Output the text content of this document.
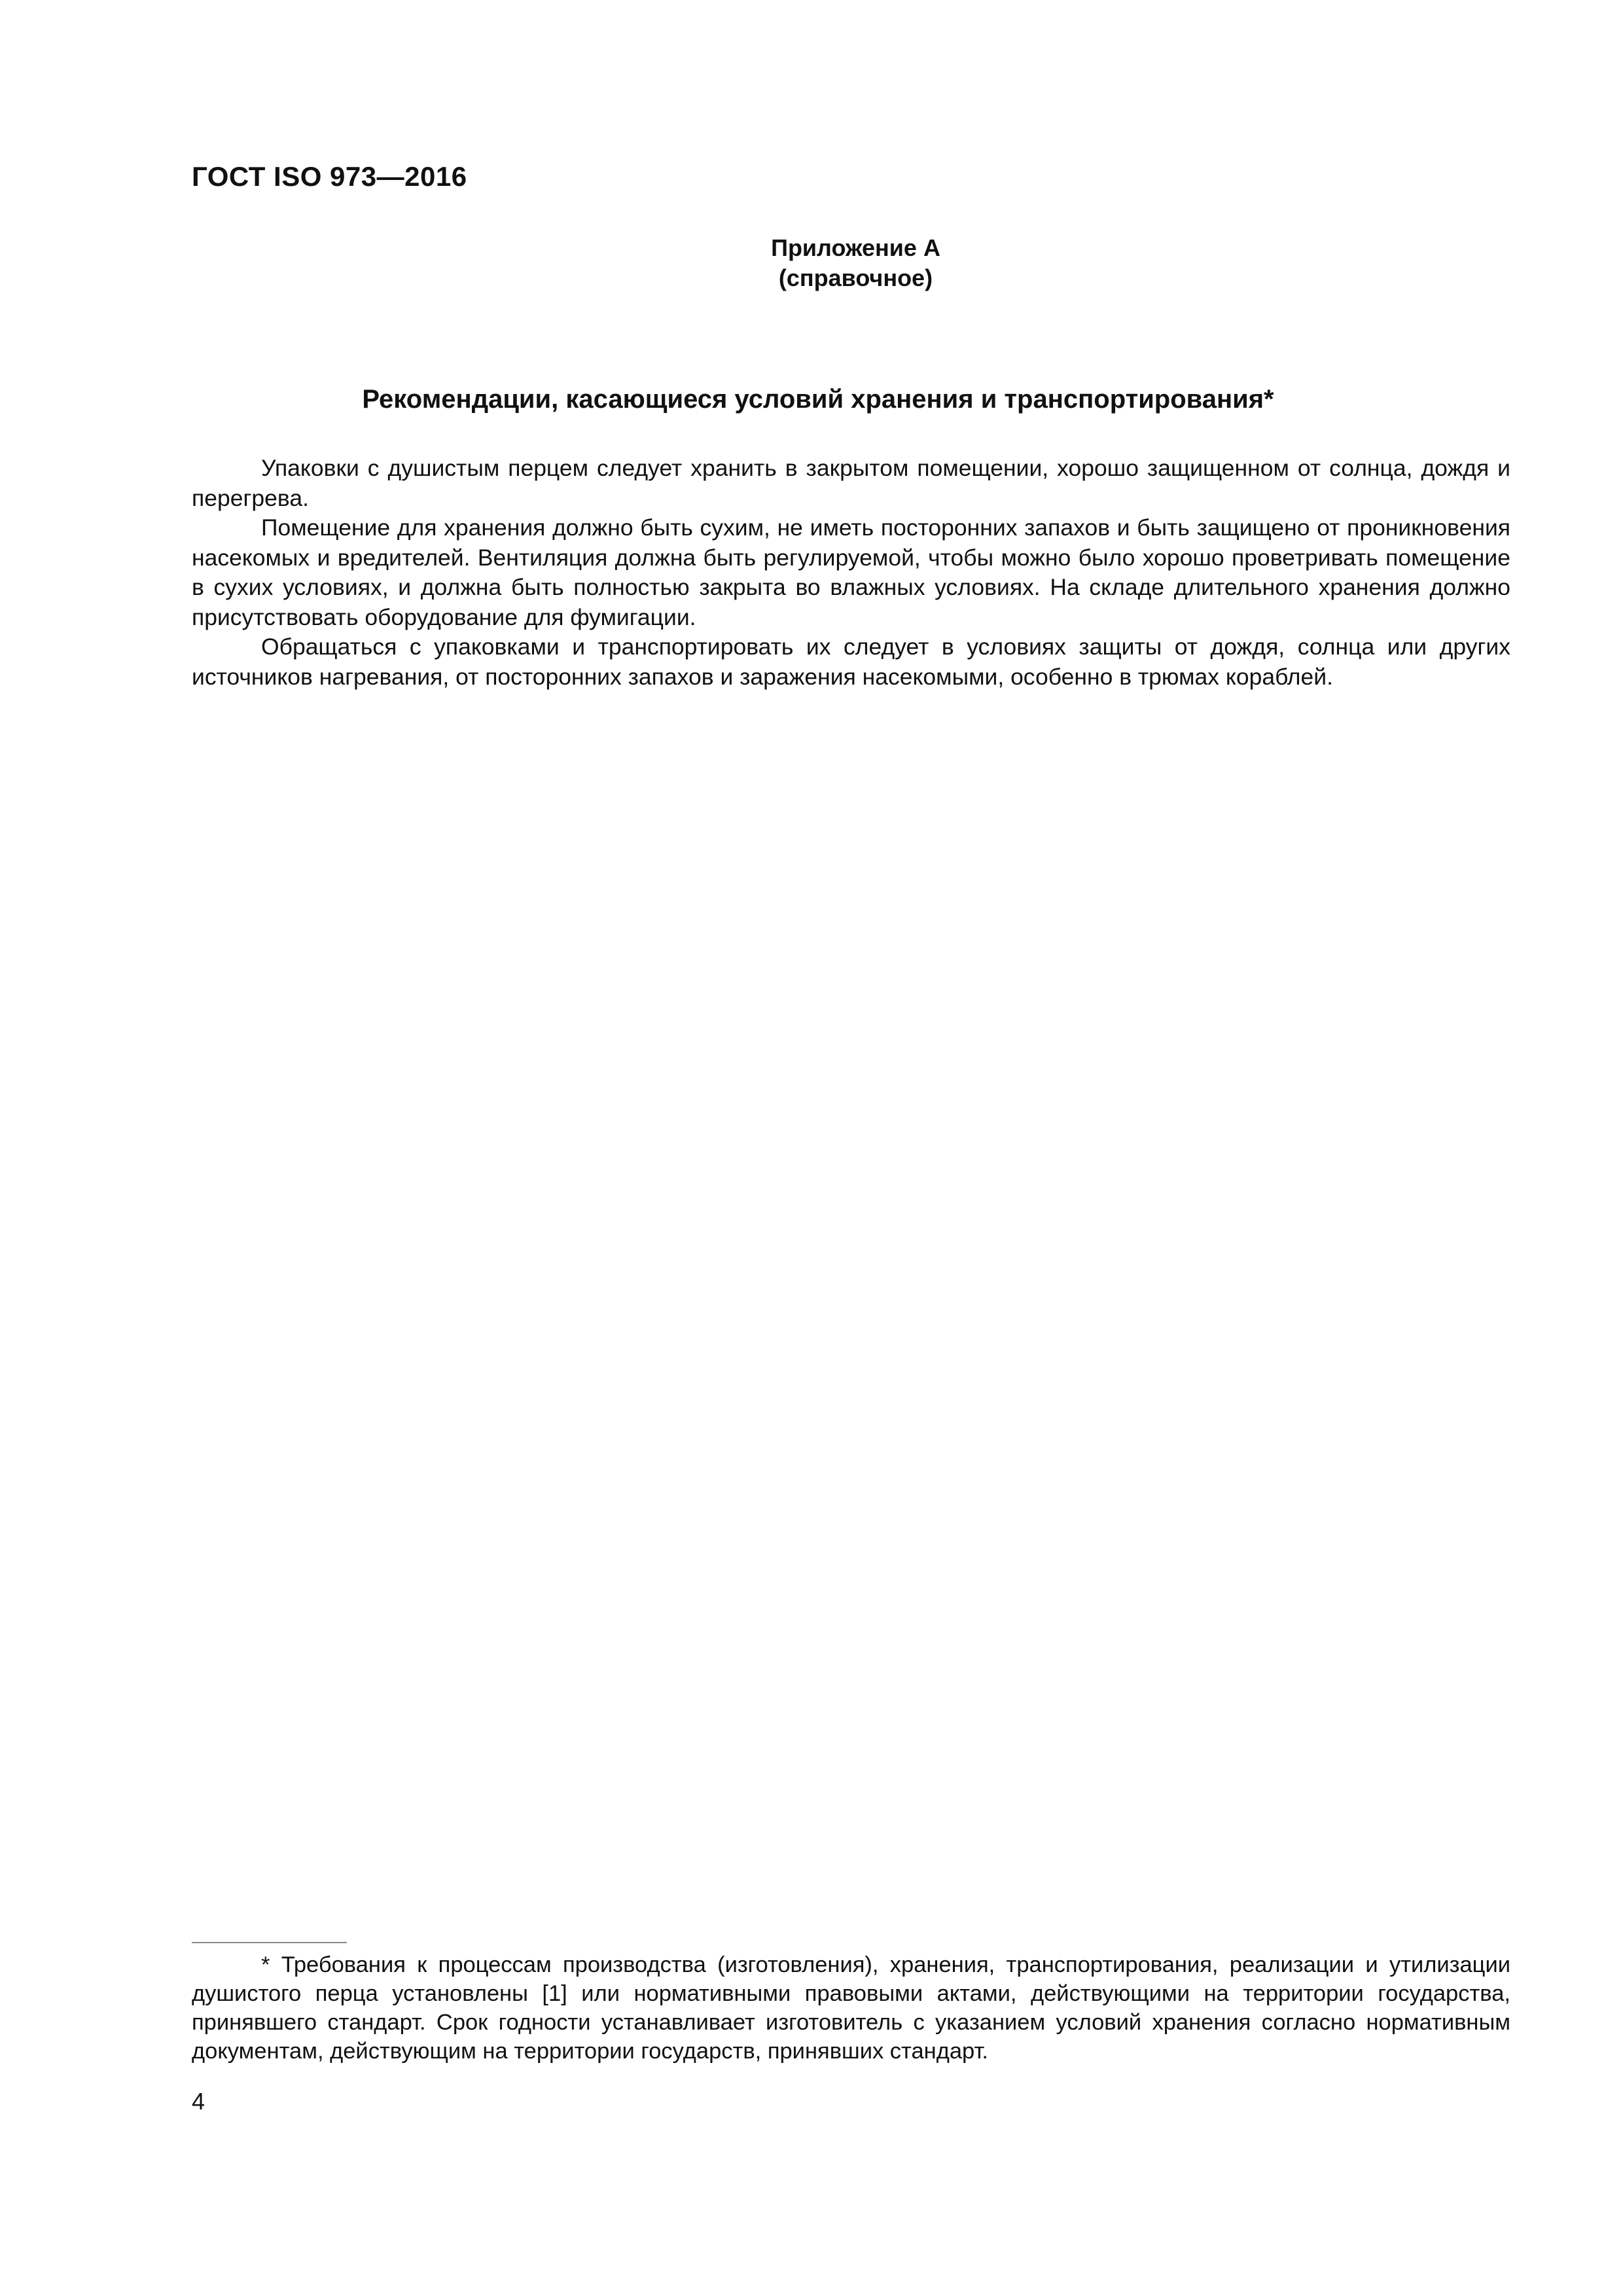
ГОСТ ISO 973—2016
Приложение А
(справочное)
Рекомендации, касающиеся условий хранения и транспортирования*

Упаковки с душистым перцем следует хранить в закрытом помещении, хорошо защищенном от солнца, дождя и перегрева.

Помещение для хранения должно быть сухим, не иметь посторонних запахов и быть защищено от проникновения насекомых и вредителей. Вентиляция должна быть регулируемой, чтобы можно было хорошо проветривать помещение в сухих условиях, и должна быть полностью закрыта во влажных условиях. На складе длительного хранения должно присутствовать оборудование для фумигации.

Обращаться с упаковками и транспортировать их следует в условиях защиты от дождя, солнца или других источников нагревания, от посторонних запахов и заражения насекомыми, особенно в трюмах кораблей.

* Требования к процессам производства (изготовления), хранения, транспортирования, реализации и утилизации душистого перца установлены [1] или нормативными правовыми актами, действующими на территории государства, принявшего стандарт. Срок годности устанавливает изготовитель с указанием условий хранения согласно нормативным документам, действующим на территории государств, принявших стандарт.

4
